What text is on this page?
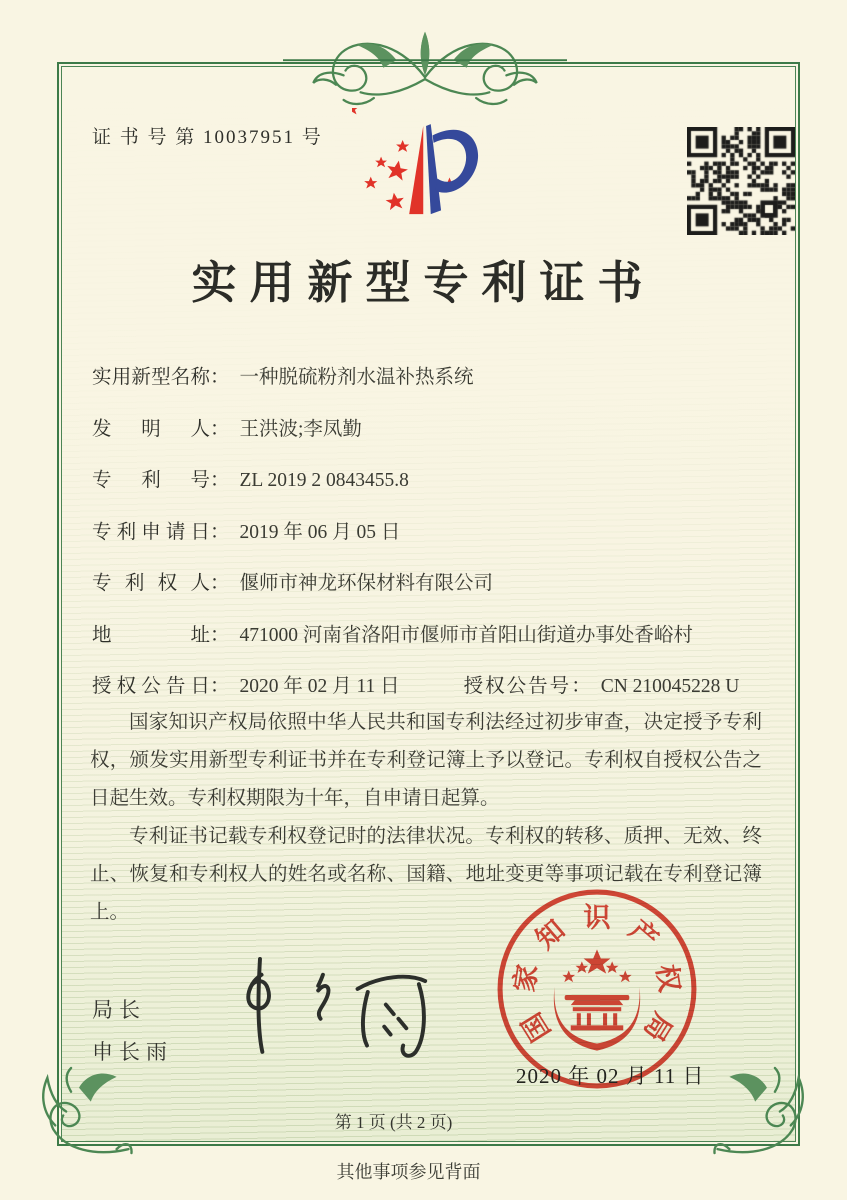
证 书 号 第 10037951 号
实用新型专利证书
实用新型名称： 一种脱硫粉剂水温补热系统
发明人： 王洪波;李凤勤
专利号： ZL 2019 2 0843455.8
专利申请日： 2019 年 06 月 05 日
专利权人： 偃师市神龙环保材料有限公司
地址： 471000 河南省洛阳市偃师市首阳山街道办事处香峪村
授权公告日： 2020 年 02 月 11 日	授权公告号： CN 210045228 U

国家知识产权局依照中华人民共和国专利法经过初步审查，决定授予专利权，颁发实用新型专利证书并在专利登记簿上予以登记。专利权自授权公告之日起生效。专利权期限为十年，自申请日起算。

专利证书记载专利权登记时的法律状况。专利权的转移、质押、无效、终止、恢复和专利权人的姓名或名称、国籍、地址变更等事项记载在专利登记簿上。

局长
申长雨
国
家
知 识 产
权
局
2020 年 02 月 11 日
第 1 页 (共 2 页)
其他事项参见背面
